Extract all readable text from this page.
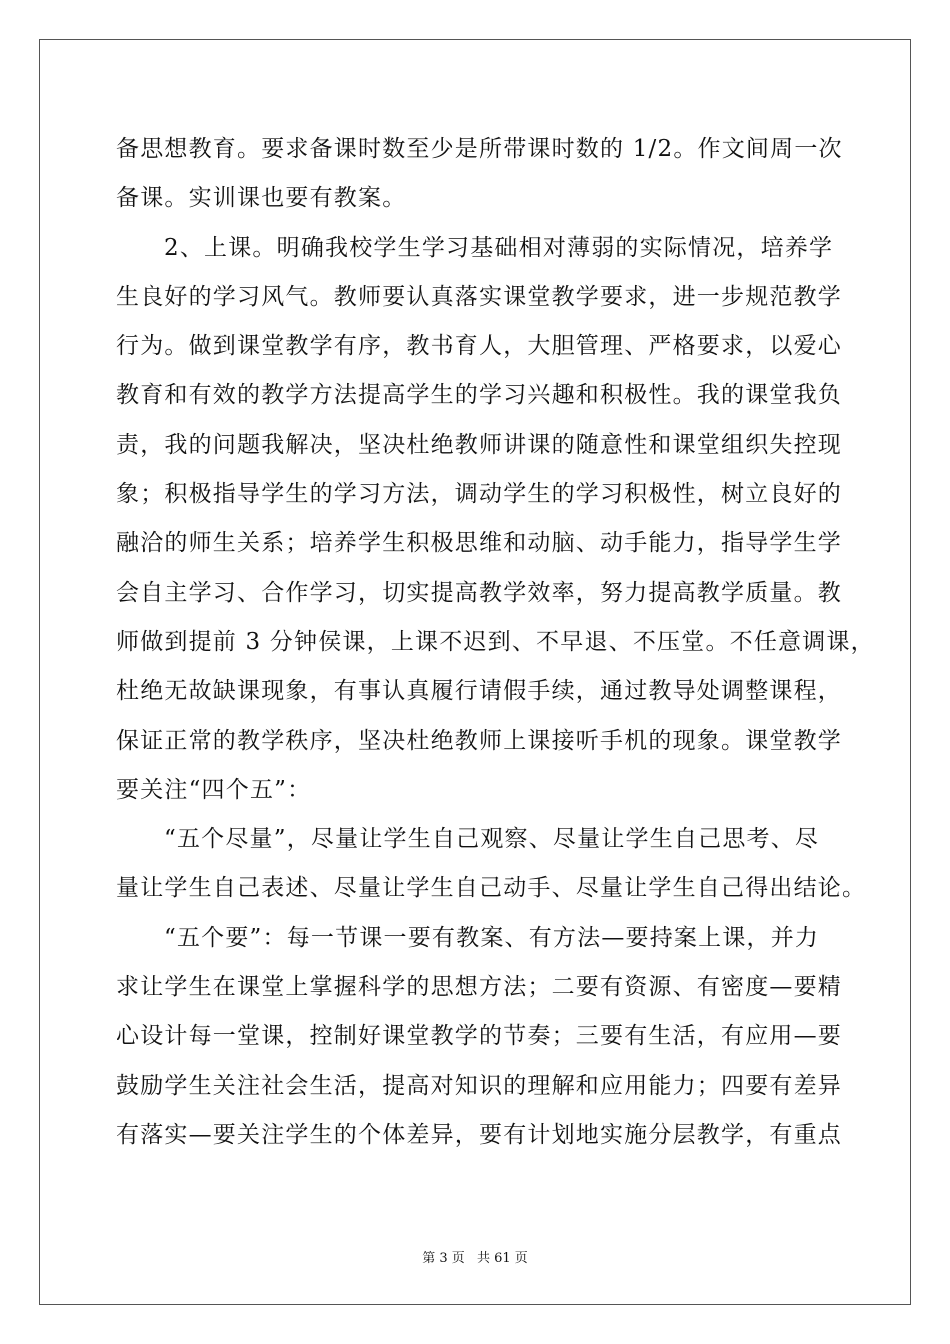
备思想教育。要求备课时数至少是所带课时数的 1/2。作文间周一次
备课。实训课也要有教案。
2、上课。明确我校学生学习基础相对薄弱的实际情况，培养学
生良好的学习风气。教师要认真落实课堂教学要求，进一步规范教学
行为。做到课堂教学有序，教书育人，大胆管理、严格要求，以爱心
教育和有效的教学方法提高学生的学习兴趣和积极性。我的课堂我负
责，我的问题我解决，坚决杜绝教师讲课的随意性和课堂组织失控现
象；积极指导学生的学习方法，调动学生的学习积极性，树立良好的
融洽的师生关系；培养学生积极思维和动脑、动手能力，指导学生学
会自主学习、合作学习，切实提高教学效率，努力提高教学质量。教
师做到提前 3 分钟侯课，上课不迟到、不早退、不压堂。不任意调课，
杜绝无故缺课现象，有事认真履行请假手续，通过教导处调整课程，
保证正常的教学秩序，坚决杜绝教师上课接听手机的现象。课堂教学
要关注“四个五”：
“五个尽量”，尽量让学生自己观察、尽量让学生自己思考、尽
量让学生自己表述、尽量让学生自己动手、尽量让学生自己得出结论。
“五个要”：每一节课一要有教案、有方法—要持案上课，并力
求让学生在课堂上掌握科学的思想方法；二要有资源、有密度—要精
心设计每一堂课，控制好课堂教学的节奏；三要有生活，有应用—要
鼓励学生关注社会生活，提高对知识的理解和应用能力；四要有差异
有落实—要关注学生的个体差异，要有计划地实施分层教学，有重点
第 3 页 共 61 页
